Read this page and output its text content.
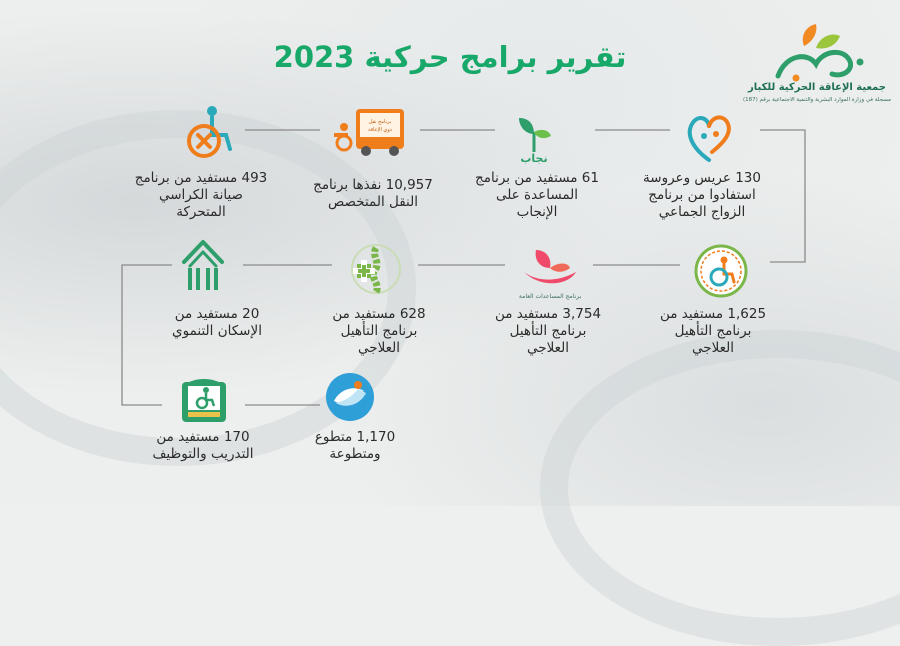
تقرير برامج حركية 2023
جمعية الإعاقة الحركية للكبار
مسجلة في وزارة الموارد البشرية والتنمية الاجتماعية برقم (187)
نجاب
برنامج نقل
ذوي الإعاقة
برنامج المساعدات العامة
130 عريس وعروسة
استفادوا من برنامج
الزواج الجماعي
61 مستفيد من برنامج
المساعدة على
الإنجاب
10,957 نفذها برنامج
النقل المتخصص
493 مستفيد من برنامج
صيانة الكراسي
المتحركة
1,625 مستفيد من
برنامج التأهيل
العلاجي
3,754 مستفيد من
برنامج التأهيل
العلاجي
628 مستفيد من
برنامج التأهيل
العلاجي
20 مستفيد من
الإسكان التنموي
1,170 متطوع
ومتطوعة
170 مستفيد من
التدريب والتوظيف
